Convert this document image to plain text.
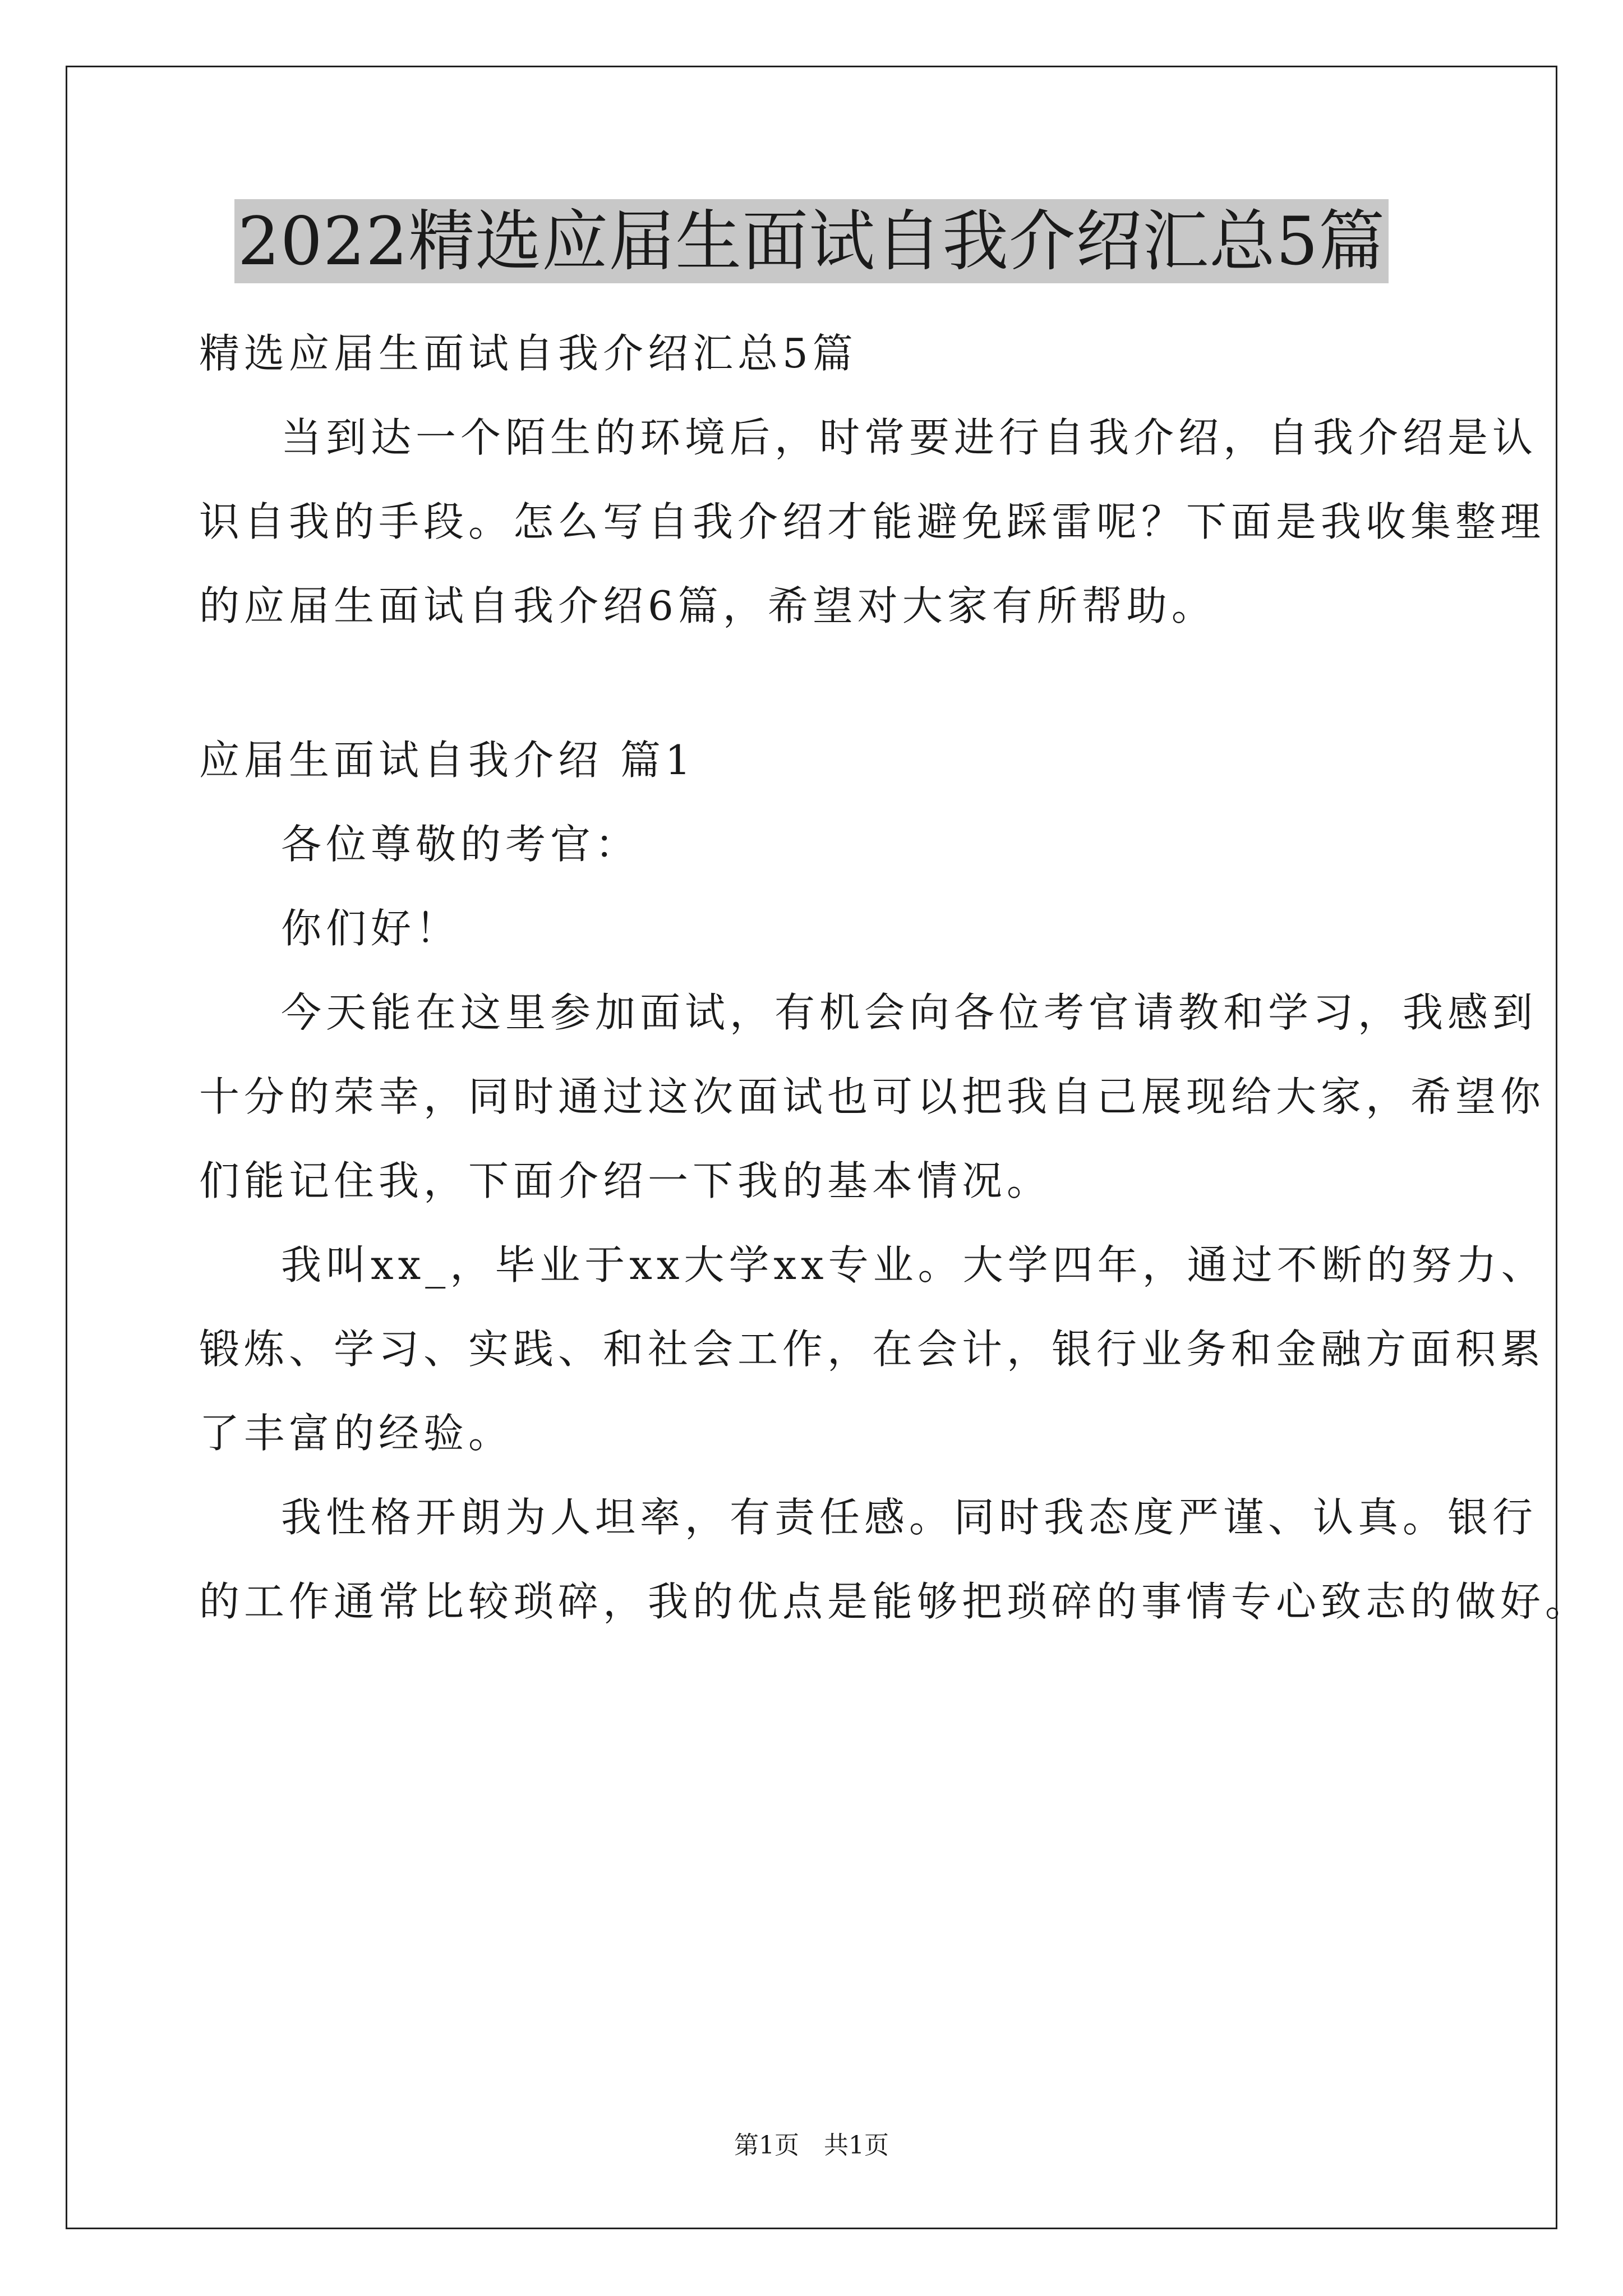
2022精选应届生面试自我介绍汇总5篇
精选应届生面试自我介绍汇总5篇
当到达一个陌生的环境后，时常要进行自我介绍，自我介绍是认
识自我的手段。怎么写自我介绍才能避免踩雷呢？下面是我收集整理
的应届生面试自我介绍6篇，希望对大家有所帮助。
应届生面试自我介绍 篇1
各位尊敬的考官：
你们好！
今天能在这里参加面试，有机会向各位考官请教和学习，我感到
十分的荣幸，同时通过这次面试也可以把我自己展现给大家，希望你
们能记住我，下面介绍一下我的基本情况。
我叫xx_，毕业于xx大学xx专业。大学四年，通过不断的努力、
锻炼、学习、实践、和社会工作，在会计，银行业务和金融方面积累
了丰富的经验。
我性格开朗为人坦率，有责任感。同时我态度严谨、认真。银行
的工作通常比较琐碎，我的优点是能够把琐碎的事情专心致志的做好。
第1页　共1页
